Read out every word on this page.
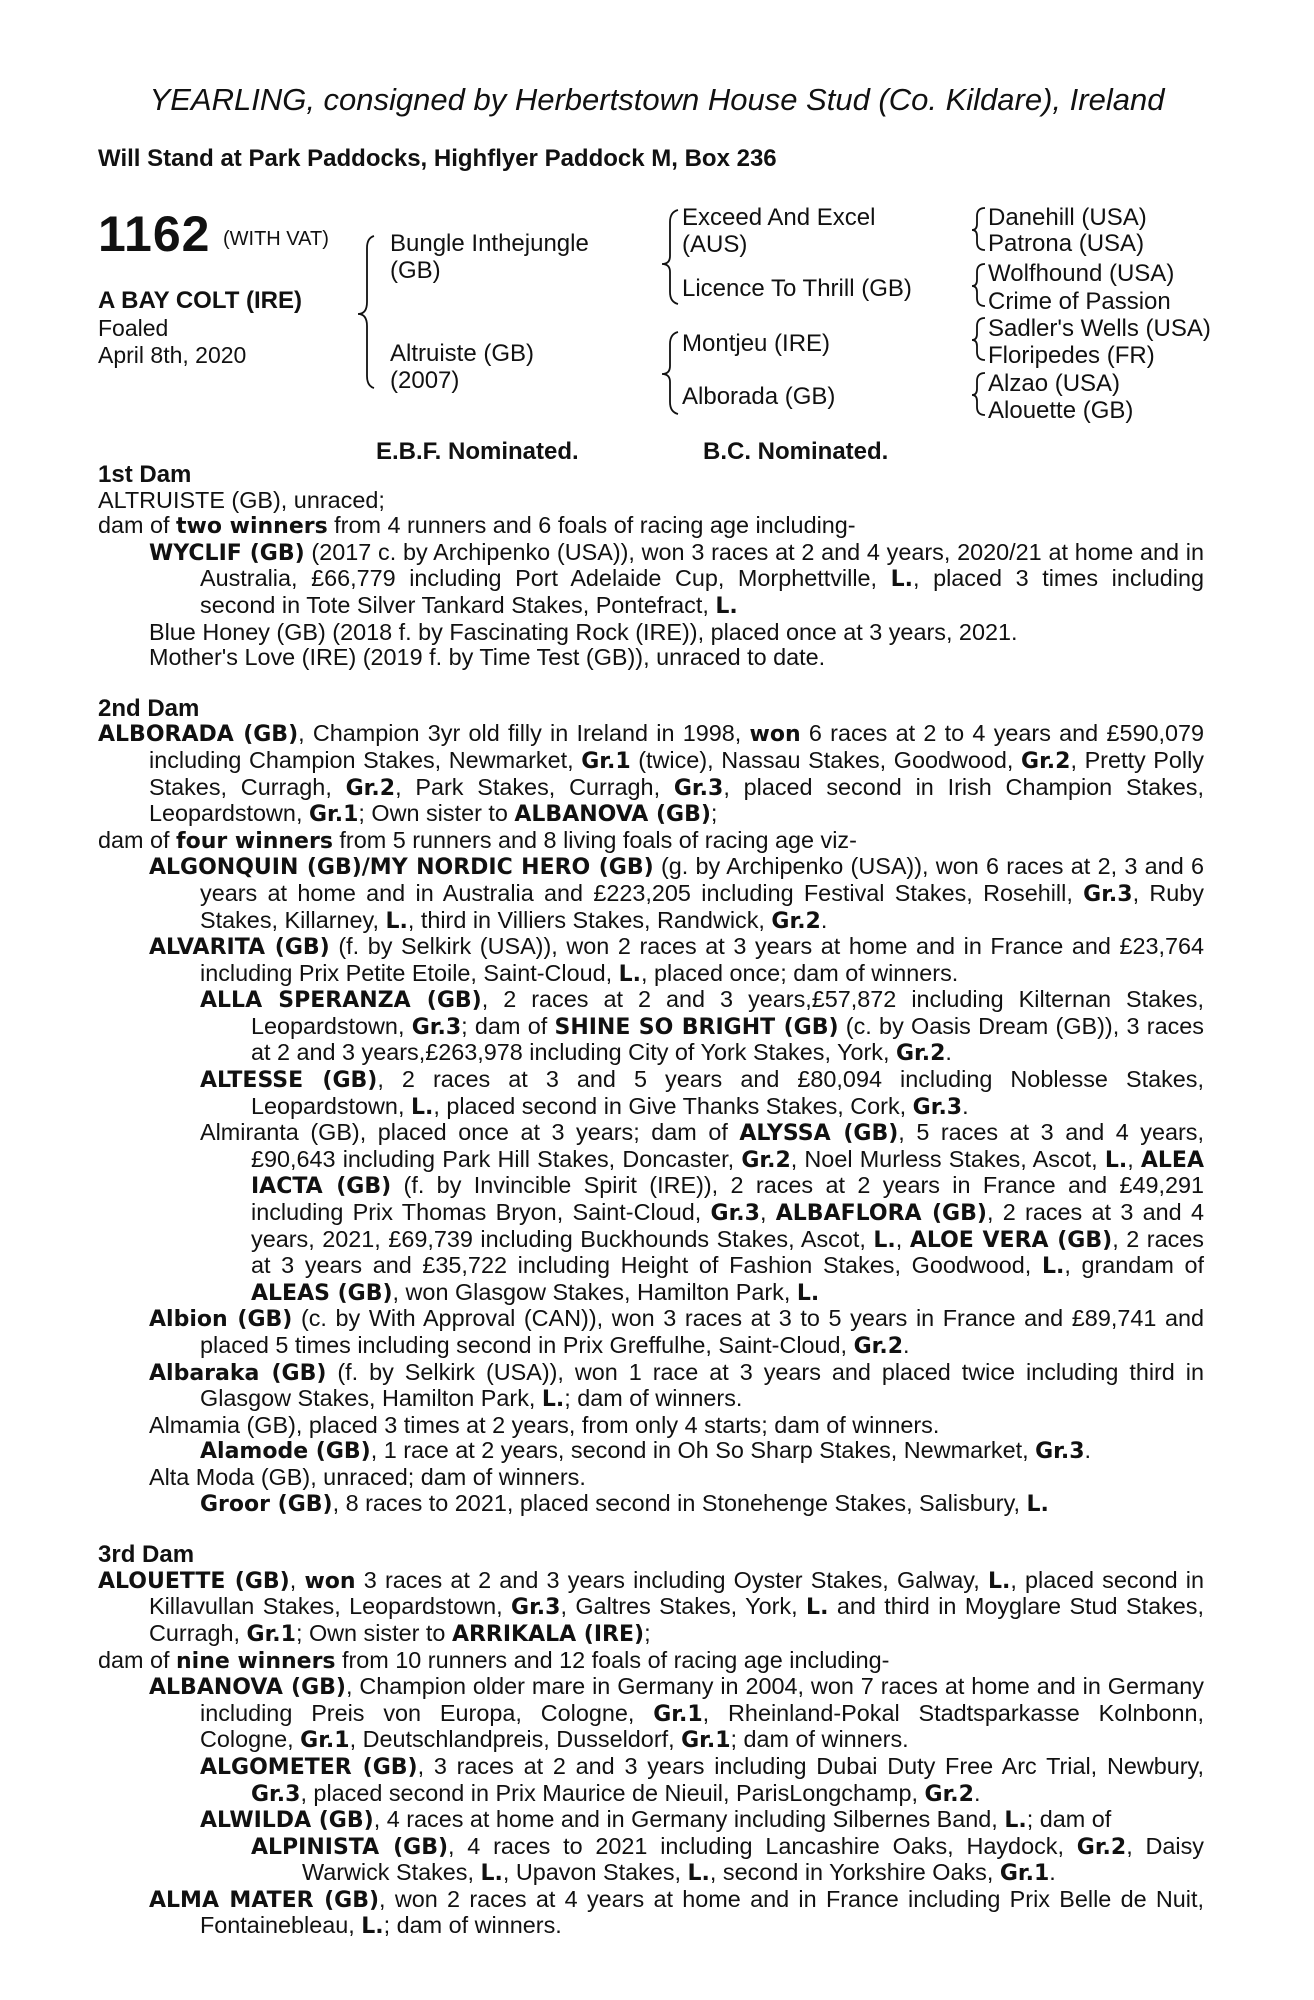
YEARLING, consigned by Herbertstown House Stud (Co. Kildare), Ireland
Will Stand at Park Paddocks, Highflyer Paddock M, Box 236
1162 (WITH VAT)
A BAY COLT (IRE)
Foaled
April 8th, 2020
Bungle Inthejungle
(GB)
Altruiste (GB)
(2007)
Exceed And Excel
(AUS)
Licence To Thrill (GB)
Montjeu (IRE)
Alborada (GB)
Danehill (USA)
Patrona (USA)
Wolfhound (USA)
Crime of Passion
Sadler's Wells (USA)
Floripedes (FR)
Alzao (USA)
Alouette (GB)
E.B.F. Nominated.	B.C. Nominated.
1st Dam
ALTRUISTE (GB), unraced;
dam of two winners from 4 runners and 6 foals of racing age including-
WYCLIF (GB) (2017 c. by Archipenko (USA)), won 3 races at 2 and 4 years, 2020/21 at home and in Australia, £66,779 including Port Adelaide Cup, Morphettville, L., placed 3 times including second in Tote Silver Tankard Stakes, Pontefract, L.
Blue Honey (GB) (2018 f. by Fascinating Rock (IRE)), placed once at 3 years, 2021.
Mother's Love (IRE) (2019 f. by Time Test (GB)), unraced to date.
2nd Dam
ALBORADA (GB), Champion 3yr old filly in Ireland in 1998, won 6 races at 2 to 4 years and £590,079 including Champion Stakes, Newmarket, Gr.1 (twice), Nassau Stakes, Goodwood, Gr.2, Pretty Polly Stakes, Curragh, Gr.2, Park Stakes, Curragh, Gr.3, placed second in Irish Champion Stakes, Leopardstown, Gr.1; Own sister to ALBANOVA (GB);
dam of four winners from 5 runners and 8 living foals of racing age viz-
ALGONQUIN (GB)/MY NORDIC HERO (GB) (g. by Archipenko (USA)), won 6 races at 2, 3 and 6 years at home and in Australia and £223,205 including Festival Stakes, Rosehill, Gr.3, Ruby Stakes, Killarney, L., third in Villiers Stakes, Randwick, Gr.2.
ALVARITA (GB) (f. by Selkirk (USA)), won 2 races at 3 years at home and in France and £23,764 including Prix Petite Etoile, Saint-Cloud, L., placed once; dam of winners.
ALLA SPERANZA (GB), 2 races at 2 and 3 years,£57,872 including Kilternan Stakes, Leopardstown, Gr.3; dam of SHINE SO BRIGHT (GB) (c. by Oasis Dream (GB)), 3 races at 2 and 3 years,£263,978 including City of York Stakes, York, Gr.2.
ALTESSE (GB), 2 races at 3 and 5 years and £80,094 including Noblesse Stakes, Leopardstown, L., placed second in Give Thanks Stakes, Cork, Gr.3.
Almiranta (GB), placed once at 3 years; dam of ALYSSA (GB), 5 races at 3 and 4 years, £90,643 including Park Hill Stakes, Doncaster, Gr.2, Noel Murless Stakes, Ascot, L., ALEA IACTA (GB) (f. by Invincible Spirit (IRE)), 2 races at 2 years in France and £49,291 including Prix Thomas Bryon, Saint-Cloud, Gr.3, ALBAFLORA (GB), 2 races at 3 and 4 years, 2021, £69,739 including Buckhounds Stakes, Ascot, L., ALOE VERA (GB), 2 races at 3 years and £35,722 including Height of Fashion Stakes, Goodwood, L., grandam of ALEAS (GB), won Glasgow Stakes, Hamilton Park, L.
Albion (GB) (c. by With Approval (CAN)), won 3 races at 3 to 5 years in France and £89,741 and placed 5 times including second in Prix Greffulhe, Saint-Cloud, Gr.2.
Albaraka (GB) (f. by Selkirk (USA)), won 1 race at 3 years and placed twice including third in Glasgow Stakes, Hamilton Park, L.; dam of winners.
Almamia (GB), placed 3 times at 2 years, from only 4 starts; dam of winners.
Alamode (GB), 1 race at 2 years, second in Oh So Sharp Stakes, Newmarket, Gr.3.
Alta Moda (GB), unraced; dam of winners.
Groor (GB), 8 races to 2021, placed second in Stonehenge Stakes, Salisbury, L.
3rd Dam
ALOUETTE (GB), won 3 races at 2 and 3 years including Oyster Stakes, Galway, L., placed second in Killavullan Stakes, Leopardstown, Gr.3, Galtres Stakes, York, L. and third in Moyglare Stud Stakes, Curragh, Gr.1; Own sister to ARRIKALA (IRE);
dam of nine winners from 10 runners and 12 foals of racing age including-
ALBANOVA (GB), Champion older mare in Germany in 2004, won 7 races at home and in Germany including Preis von Europa, Cologne, Gr.1, Rheinland-Pokal Stadtsparkasse Kolnbonn, Cologne, Gr.1, Deutschlandpreis, Dusseldorf, Gr.1; dam of winners.
ALGOMETER (GB), 3 races at 2 and 3 years including Dubai Duty Free Arc Trial, Newbury, Gr.3, placed second in Prix Maurice de Nieuil, ParisLongchamp, Gr.2.
ALWILDA (GB), 4 races at home and in Germany including Silbernes Band, L.; dam of
ALPINISTA (GB), 4 races to 2021 including Lancashire Oaks, Haydock, Gr.2, Daisy Warwick Stakes, L., Upavon Stakes, L., second in Yorkshire Oaks, Gr.1.
ALMA MATER (GB), won 2 races at 4 years at home and in France including Prix Belle de Nuit, Fontainebleau, L.; dam of winners.
